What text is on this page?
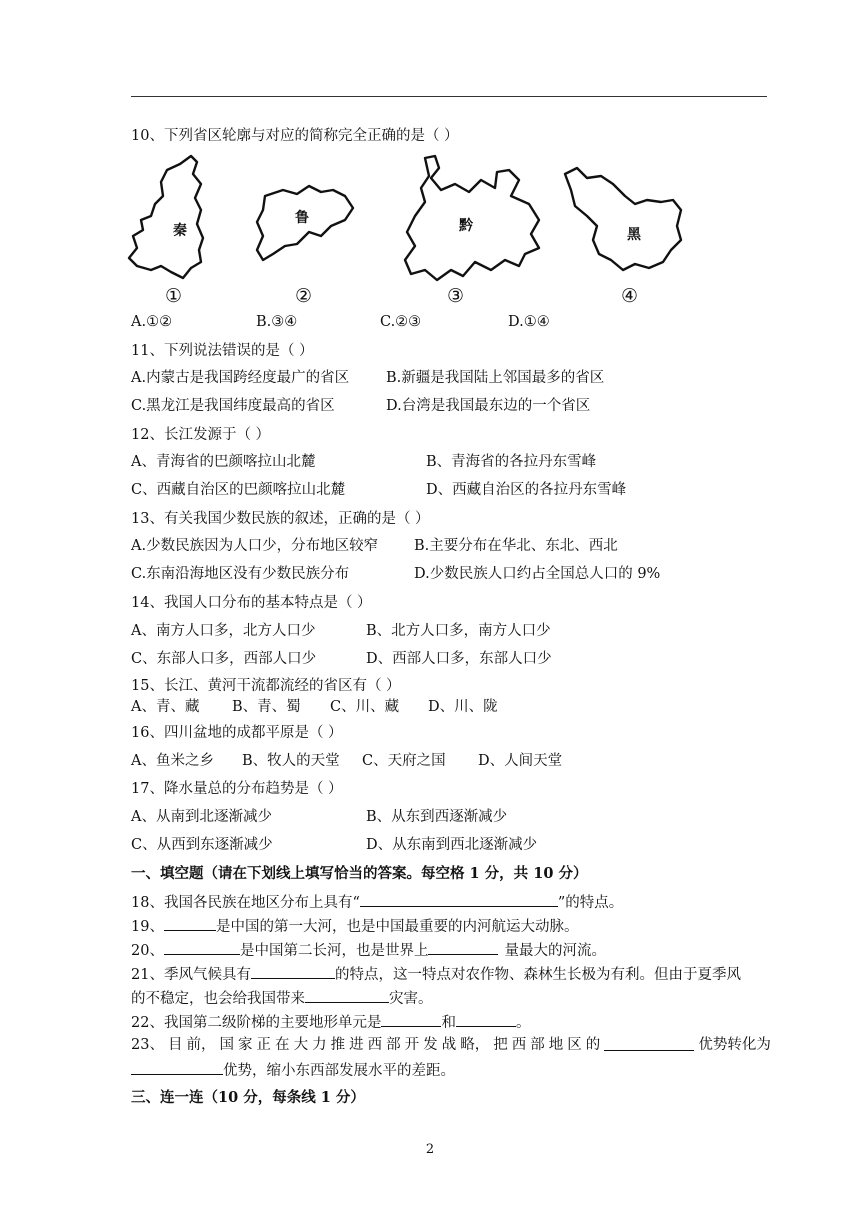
10、下列省区轮廓与对应的简称完全正确的是（ ）
秦
鲁	黔
黑
①	②	③	④
A.①②	B.③④	C.②③	D.①④
11、下列说法错误的是（ ）
A.内蒙古是我国跨经度最广的省区	B.新疆是我国陆上邻国最多的省区
C.黑龙江是我国纬度最高的省区	D.台湾是我国最东边的一个省区
12、长江发源于（ ）
A、青海省的巴颜喀拉山北麓	B、青海省的各拉丹东雪峰
C、西藏自治区的巴颜喀拉山北麓	D、西藏自治区的各拉丹东雪峰
13、有关我国少数民族的叙述，正确的是（ ）
A.少数民族因为人口少，分布地区较窄 B.主要分布在华北、东北、西北
C.东南沿海地区没有少数民族分布	D.少数民族人口约占全国总人口的 9%
14、我国人口分布的基本特点是（ ）
A、南方人口多，北方人口少	B、北方人口多，南方人口少
C、东部人口多，西部人口少	D、西部人口多，东部人口少
15、长江、黄河干流都流经的省区有（ ）
A、青、藏 B、青、蜀 C、川、藏 D、川、陇
16、四川盆地的成都平原是（ ）
A、鱼米之乡 B、牧人的天堂 C、天府之国 D、人间天堂
17、降水量总的分布趋势是（ ）
A、从南到北逐渐减少	B、从东到西逐渐减少
C、从西到东逐渐减少	D、从东南到西北逐渐减少
一、填空题（请在下划线上填写恰当的答案。每空格 1 分，共 10 分）
18、我国各民族在地区分布上具有“	”的特点。
19、	是中国的第一大河，也是中国最重要的内河航运大动脉。
20、	是中国第二长河，也是世界上	量最大的河流。
21、季风气候具有	的特点，这一特点对农作物、森林生长极为有利。但由于夏季风
的不稳定，也会给我国带来	灾害。
22、我国第二级阶梯的主要地形单元是	和	。
23、 目 前， 国 家 正 在 大 力 推 进 西 部 开 发 战 略， 把 西 部 地 区 的	优势转化为
优势，缩小东西部发展水平的差距。
三、连一连（10 分，每条线 1 分）
2
